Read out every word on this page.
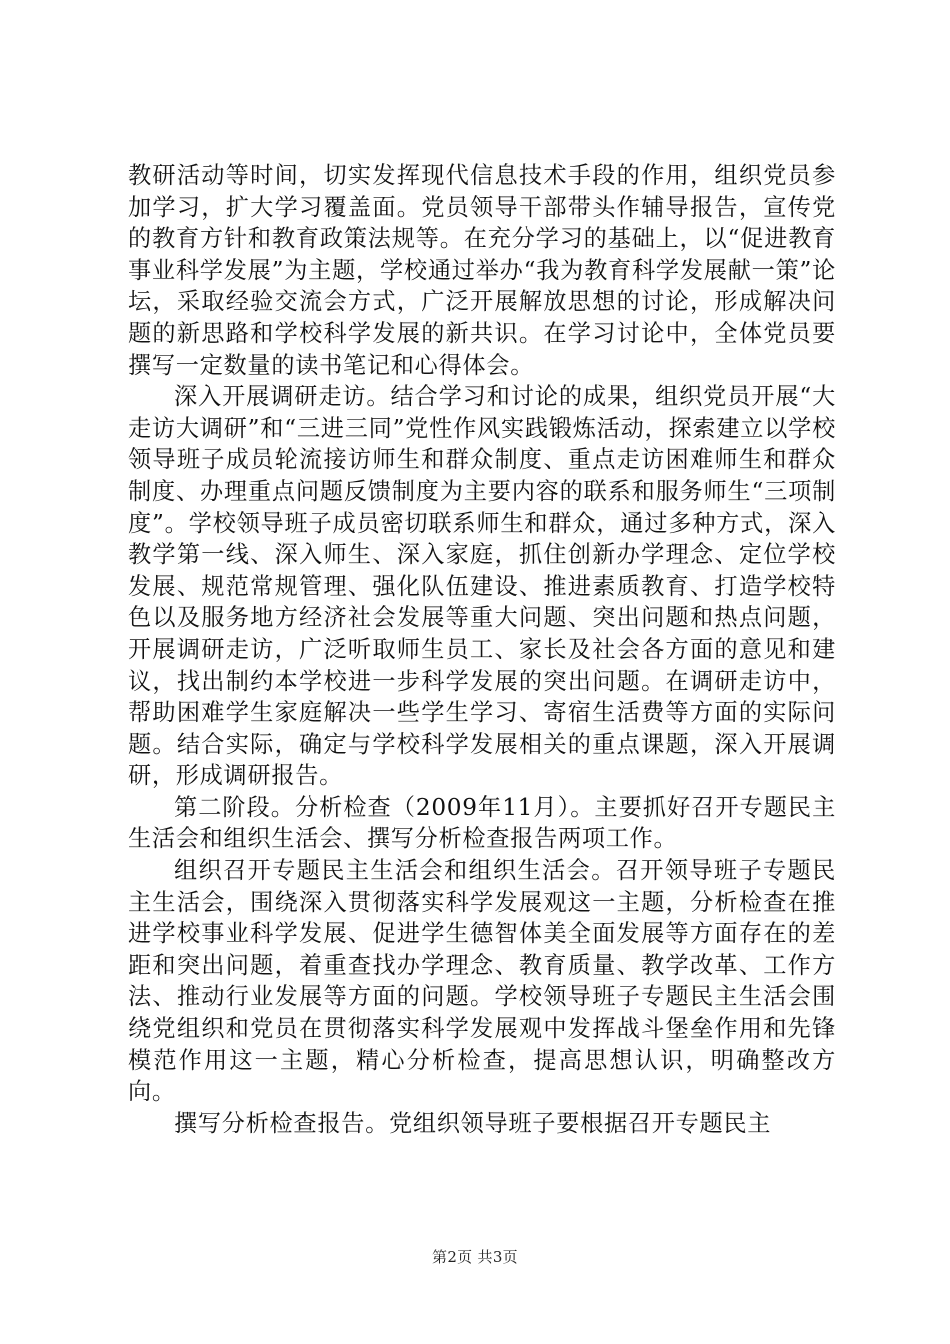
教研活动等时间，切实发挥现代信息技术手段的作用，组织党员参加学习，扩大学习覆盖面。党员领导干部带头作辅导报告，宣传党的教育方针和教育政策法规等。在充分学习的基础上，以“促进教育事业科学发展”为主题，学校通过举办“我为教育科学发展献一策”论坛，采取经验交流会方式，广泛开展解放思想的讨论，形成解决问题的新思路和学校科学发展的新共识。在学习讨论中，全体党员要撰写一定数量的读书笔记和心得体会。

深入开展调研走访。结合学习和讨论的成果，组织党员开展“大走访大调研”和“三进三同”党性作风实践锻炼活动，探索建立以学校领导班子成员轮流接访师生和群众制度、重点走访困难师生和群众制度、办理重点问题反馈制度为主要内容的联系和服务师生“三项制度”。学校领导班子成员密切联系师生和群众，通过多种方式，深入教学第一线、深入师生、深入家庭，抓住创新办学理念、定位学校发展、规范常规管理、强化队伍建设、推进素质教育、打造学校特色以及服务地方经济社会发展等重大问题、突出问题和热点问题，开展调研走访，广泛听取师生员工、家长及社会各方面的意见和建议，找出制约本学校进一步科学发展的突出问题。在调研走访中，帮助困难学生家庭解决一些学生学习、寄宿生活费等方面的实际问题。结合实际，确定与学校科学发展相关的重点课题，深入开展调研，形成调研报告。

第二阶段。分析检查（2009年11月）。主要抓好召开专题民主生活会和组织生活会、撰写分析检查报告两项工作。

组织召开专题民主生活会和组织生活会。召开领导班子专题民主生活会，围绕深入贯彻落实科学发展观这一主题，分析检查在推进学校事业科学发展、促进学生德智体美全面发展等方面存在的差距和突出问题，着重查找办学理念、教育质量、教学改革、工作方法、推动行业发展等方面的问题。学校领导班子专题民主生活会围绕党组织和党员在贯彻落实科学发展观中发挥战斗堡垒作用和先锋模范作用这一主题，精心分析检查，提高思想认识，明确整改方向。

撰写分析检查报告。党组织领导班子要根据召开专题民主

第2页 共3页
